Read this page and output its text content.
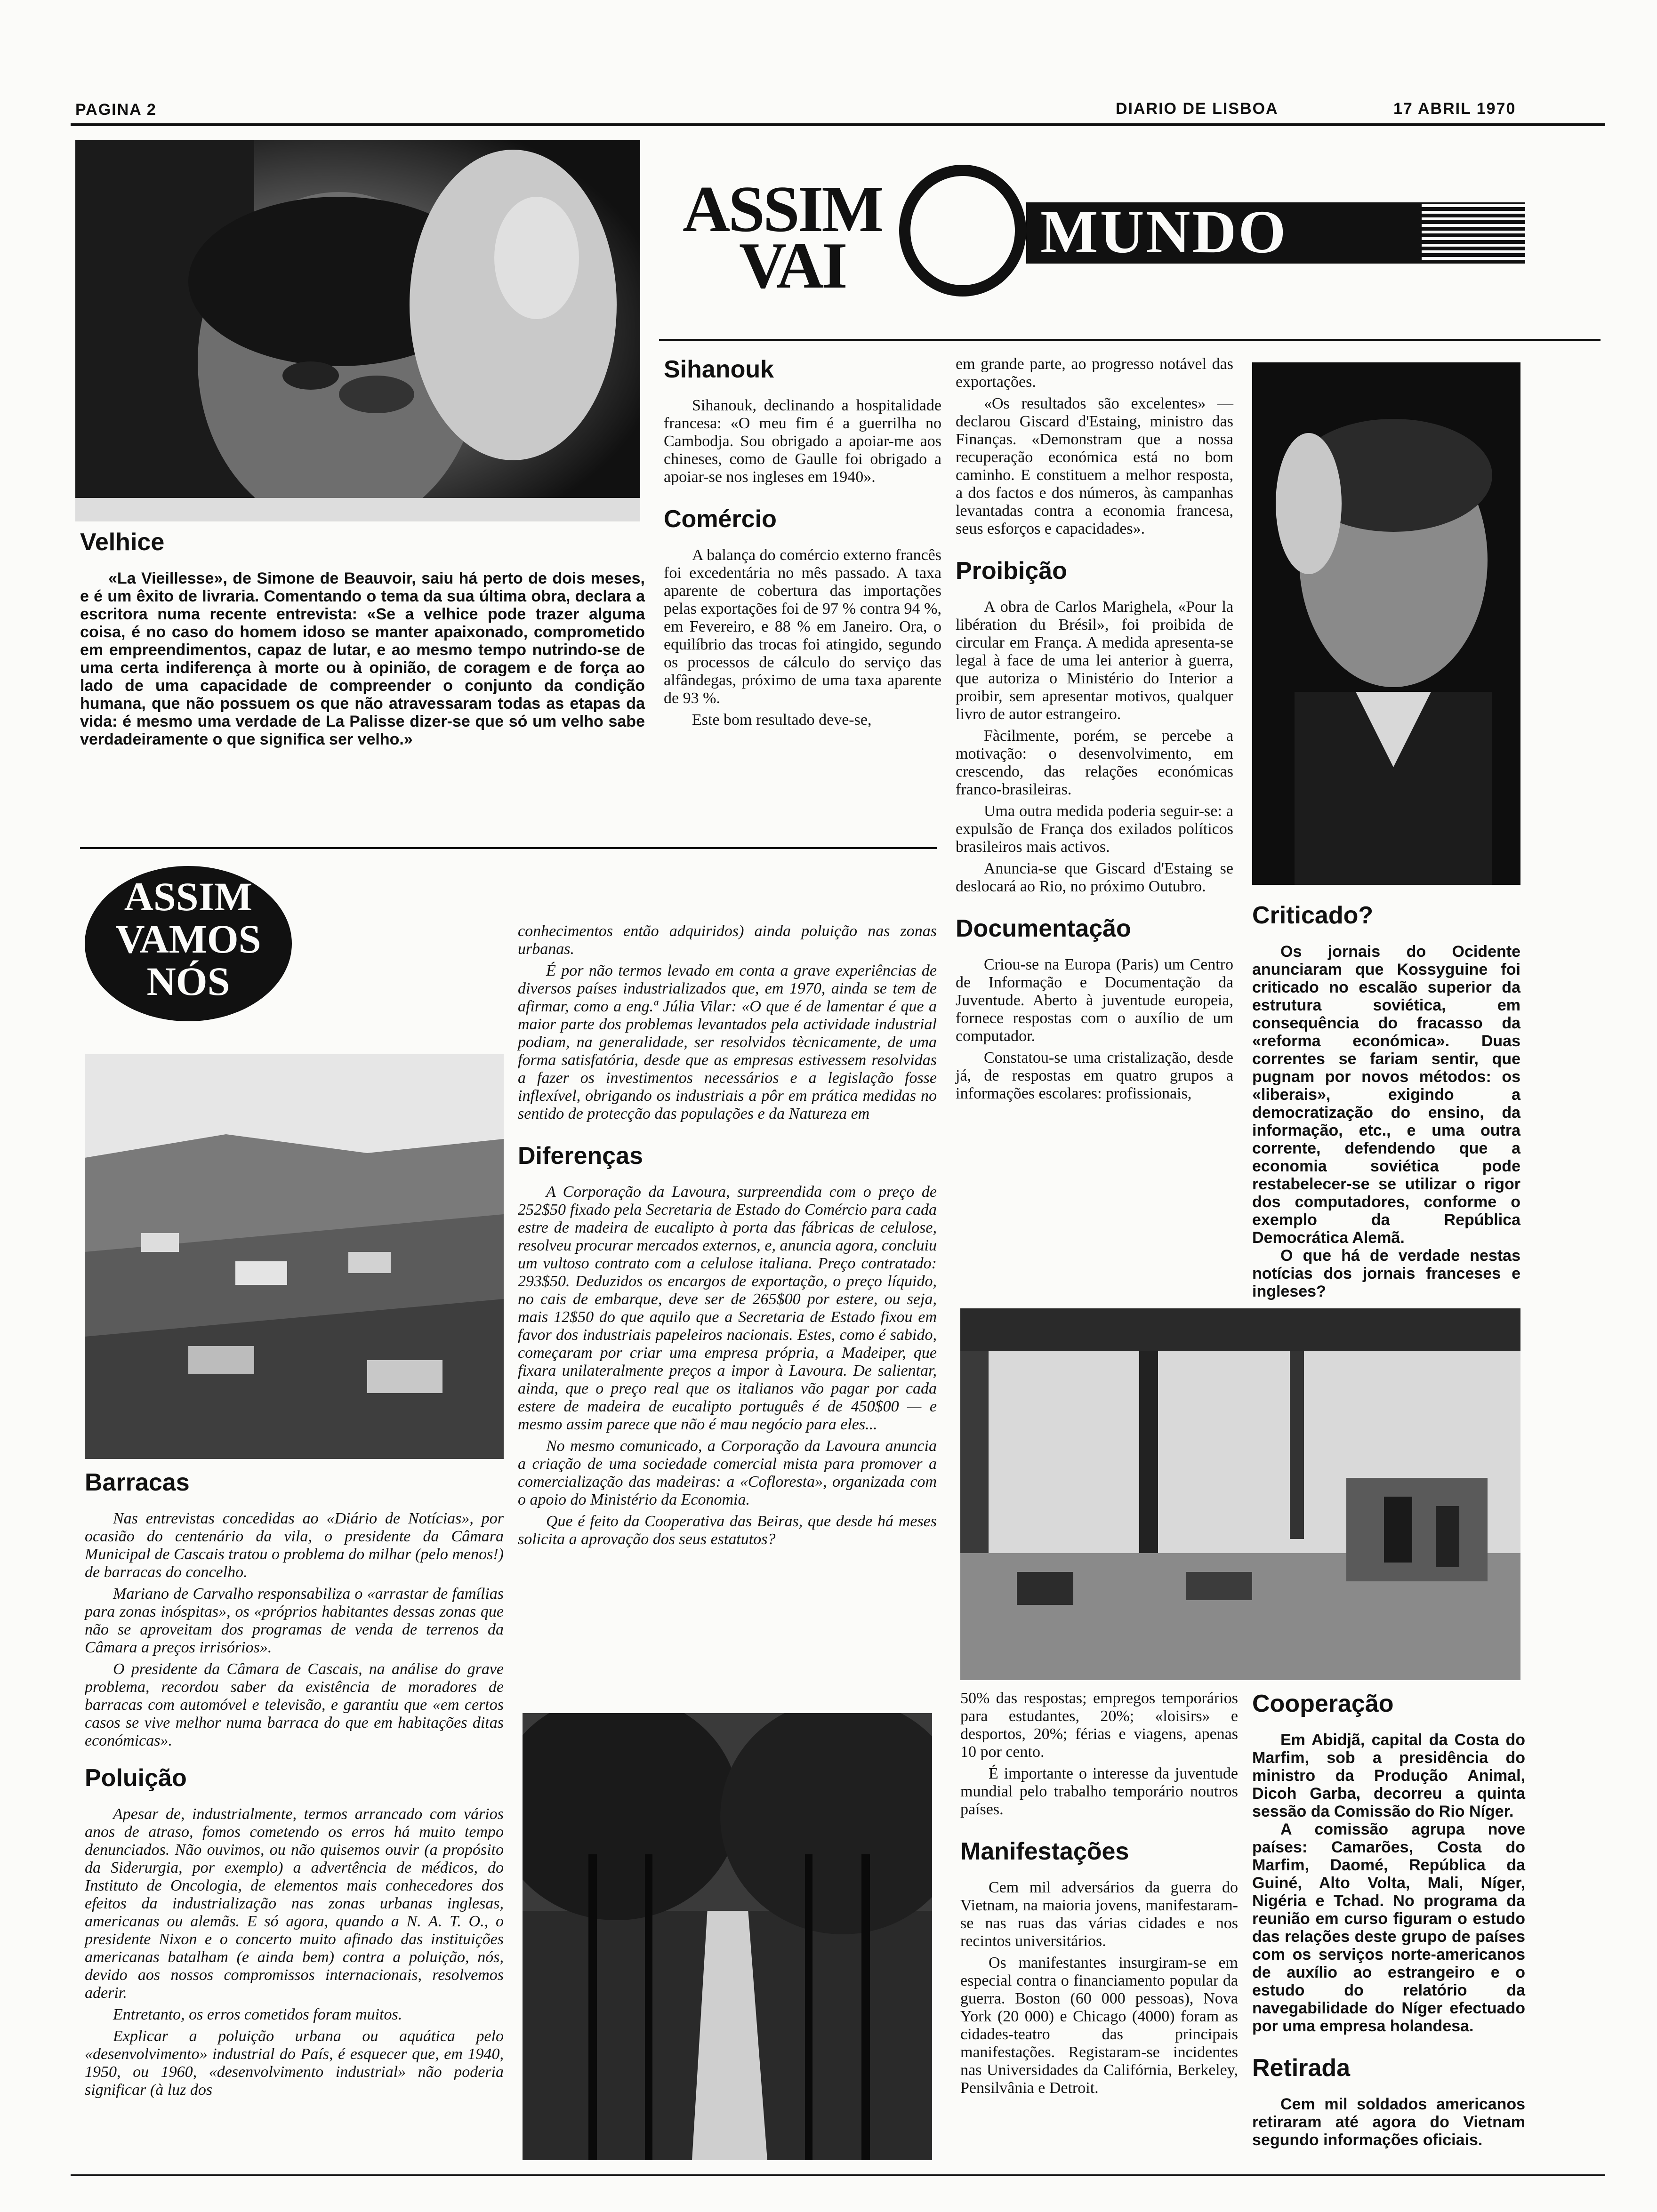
PAGINA 2	DIARIO DE LISBOA	17 ABRIL 1970
ASSIM
VAI	MUNDO
Velhice

«La Vieillesse», de Simone de Beauvoir, saiu há perto de dois meses, e é um êxito de livraria. Comentando o tema da sua última obra, declara a escritora numa recente entrevista: «Se a velhice pode trazer alguma coisa, é no caso do homem idoso se manter apaixonado, comprometido em empreendimentos, capaz de lutar, e ao mesmo tempo nutrindo-se de uma certa indiferença à morte ou à opinião, de coragem e de força ao lado de uma capacidade de compreender o conjunto da condição humana, que não possuem os que não atravessaram todas as etapas da vida: é mesmo uma verdade de La Palisse dizer-se que só um velho sabe verdadeiramente o que significa ser velho.»

Sihanouk

Sihanouk, declinando a hospitalidade francesa: «O meu fim é a guerrilha no Cambodja. Sou obrigado a apoiar-me aos chineses, como de Gaulle foi obrigado a apoiar-se nos ingleses em 1940».

Comércio

A balança do comércio externo francês foi excedentária no mês passado. A taxa aparente de cobertura das importações pelas exportações foi de 97 % contra 94 %, em Fevereiro, e 88 % em Janeiro. Ora, o equilíbrio das trocas foi atingido, segundo os processos de cálculo do serviço das alfândegas, próximo de uma taxa aparente de 93 %.

Este bom resultado deve-se,

em grande parte, ao progresso notável das exportações.

«Os resultados são excelentes» — declarou Giscard d'Estaing, ministro das Finanças. «Demonstram que a nossa recuperação económica está no bom caminho. E constituem a melhor resposta, a dos factos e dos números, às campanhas levantadas contra a economia francesa, seus esforços e capacidades».

Proibição

A obra de Carlos Marighela, «Pour la libération du Brésil», foi proibida de circular em França. A medida apresenta-se legal à face de uma lei anterior à guerra, que autoriza o Ministério do Interior a proibir, sem apresentar motivos, qualquer livro de autor estrangeiro.

Fàcilmente, porém, se percebe a motivação: o desenvolvimento, em crescendo, das relações económicas franco-brasileiras.

Uma outra medida poderia seguir-se: a expulsão de França dos exilados políticos brasileiros mais activos.

Anuncia-se que Giscard d'Estaing se deslocará ao Rio, no próximo Outubro.

Documentação

Criou-se na Europa (Paris) um Centro de Informação e Documentação da Juventude. Aberto à juventude europeia, fornece respostas com o auxílio de um computador.

Constatou-se uma cristalização, desde já, de respostas em quatro grupos a informações escolares: profissionais,

Criticado?

Os jornais do Ocidente anunciaram que Kossyguine foi criticado no escalão superior da estrutura soviética, em consequência do fracasso da «reforma económica». Duas correntes se fariam sentir, que pugnam por novos métodos: os «liberais», exigindo a democratização do ensino, da informação, etc., e uma outra corrente, defendendo que a economia soviética pode restabelecer-se se utilizar o rigor dos computadores, conforme o exemplo da República Democrática Alemã.

O que há de verdade nestas notícias dos jornais franceses e ingleses?

ASSIM
VAMOS
NÓS
Barracas

Nas entrevistas concedidas ao «Diário de Notícias», por ocasião do centenário da vila, o presidente da Câmara Municipal de Cascais tratou o problema do milhar (pelo menos!) de barracas do concelho.

Mariano de Carvalho responsabiliza o «arrastar de famílias para zonas inóspitas», os «próprios habitantes dessas zonas que não se aproveitam dos programas de venda de terrenos da Câmara a preços irrisórios».

O presidente da Câmara de Cascais, na análise do grave problema, recordou saber da existência de moradores de barracas com automóvel e televisão, e garantiu que «em certos casos se vive melhor numa barraca do que em habitações ditas económicas».

Poluição

Apesar de, industrialmente, termos arrancado com vários anos de atraso, fomos cometendo os erros há muito tempo denunciados. Não ouvimos, ou não quisemos ouvir (a propósito da Siderurgia, por exemplo) a advertência de médicos, do Instituto de Oncologia, de elementos mais conhecedores dos efeitos da industrialização nas zonas urbanas inglesas, americanas ou alemãs. E só agora, quando a N. A. T. O., o presidente Nixon e o concerto muito afinado das instituições americanas batalham (e ainda bem) contra a poluição, nós, devido aos nossos compromissos internacionais, resolvemos aderir.

Entretanto, os erros cometidos foram muitos.

Explicar a poluição urbana ou aquática pelo «desenvolvimento» industrial do País, é esquecer que, em 1940, 1950, ou 1960, «desenvolvimento industrial» não poderia significar (à luz dos

conhecimentos então adquiridos) ainda poluição nas zonas urbanas.

É por não termos levado em conta a grave experiências de diversos países industrializados que, em 1970, ainda se tem de afirmar, como a eng.ª Júlia Vilar: «O que é de lamentar é que a maior parte dos problemas levantados pela actividade industrial podiam, na generalidade, ser resolvidos tècnicamente, de uma forma satisfatória, desde que as empresas estivessem resolvidas a fazer os investimentos necessários e a legislação fosse inflexível, obrigando os industriais a pôr em prática medidas no sentido de protecção das populações e da Natureza em

Diferenças

A Corporação da Lavoura, surpreendida com o preço de 252$50 fixado pela Secretaria de Estado do Comércio para cada estre de madeira de eucalipto à porta das fábricas de celulose, resolveu procurar mercados externos, e, anuncia agora, concluiu um vultoso contrato com a celulose italiana. Preço contratado: 293$50. Deduzidos os encargos de exportação, o preço líquido, no cais de embarque, deve ser de 265$00 por estere, ou seja, mais 12$50 do que aquilo que a Secretaria de Estado fixou em favor dos industriais papeleiros nacionais. Estes, como é sabido, começaram por criar uma empresa própria, a Madeiper, que fixara unilateralmente preços a impor à Lavoura. De salientar, ainda, que o preço real que os italianos vão pagar por cada estere de madeira de eucalipto português é de 450$00 — e mesmo assim parece que não é mau negócio para eles...

No mesmo comunicado, a Corporação da Lavoura anuncia a criação de uma sociedade comercial mista para promover a comercialização das madeiras: a «Cofloresta», organizada com o apoio do Ministério da Economia.

Que é feito da Cooperativa das Beiras, que desde há meses solicita a aprovação dos seus estatutos?

50% das respostas; empregos temporários para estudantes, 20%; «loisirs» e desportos, 20%; férias e viagens, apenas 10 por cento.

É importante o interesse da juventude mundial pelo trabalho temporário noutros países.

Manifestações

Cem mil adversários da guerra do Vietnam, na maioria jovens, manifestaram-se nas ruas das várias cidades e nos recintos universitários.

Os manifestantes insurgiram-se em especial contra o financiamento popular da guerra. Boston (60 000 pessoas), Nova York (20 000) e Chicago (4000) foram as cidades-teatro das principais manifestações. Registaram-se incidentes nas Universidades da Califórnia, Berkeley, Pensilvânia e Detroit.

Cooperação

Em Abidjã, capital da Costa do Marfim, sob a presidência do ministro da Produção Animal, Dicoh Garba, decorreu a quinta sessão da Comissão do Rio Níger.

A comissão agrupa nove países: Camarões, Costa do Marfim, Daomé, República da Guiné, Alto Volta, Mali, Níger, Nigéria e Tchad. No programa da reunião em curso figuram o estudo das relações deste grupo de países com os serviços norte-americanos de auxílio ao estrangeiro e o estudo do relatório da navegabilidade do Níger efectuado por uma empresa holandesa.

Retirada

Cem mil soldados americanos retiraram até agora do Vietnam segundo informações oficiais.
